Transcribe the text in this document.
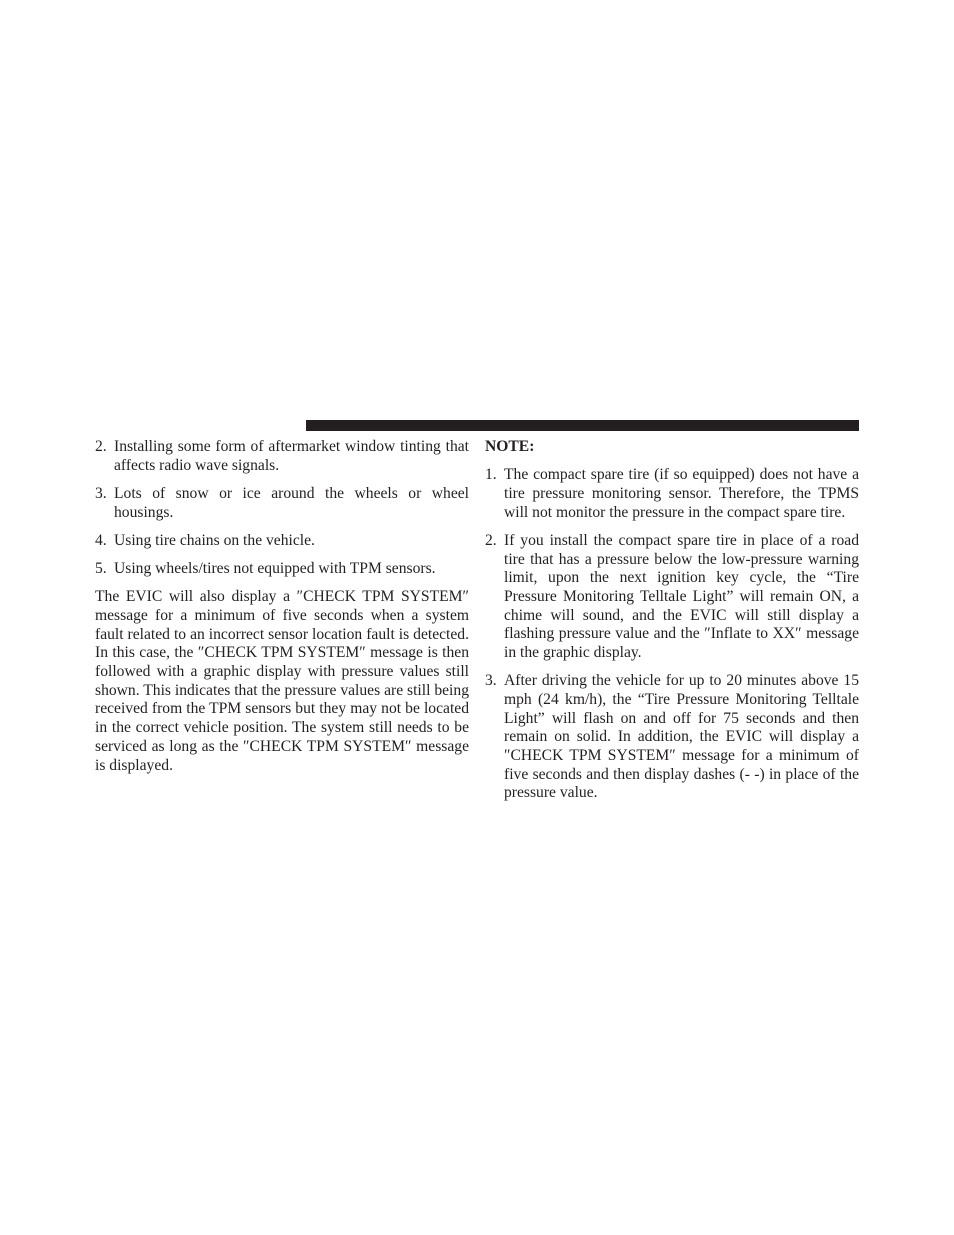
2. Installing some form of aftermarket window tinting that affects radio wave signals.
3. Lots of snow or ice around the wheels or wheel housings.
4. Using tire chains on the vehicle.
5. Using wheels/tires not equipped with TPM sensors.

The EVIC will also display a ″CHECK TPM SYSTEM″ message for a minimum of five seconds when a system fault related to an incorrect sensor location fault is detected. In this case, the ″CHECK TPM SYSTEM″ message is then followed with a graphic display with pressure values still shown. This indicates that the pressure values are still being received from the TPM sensors but they may not be located in the correct vehicle position. The system still needs to be serviced as long as the ″CHECK TPM SYSTEM″ message is displayed.

NOTE:
1. The compact spare tire (if so equipped) does not have a tire pressure monitoring sensor. Therefore, the TPMS will not monitor the pressure in the compact spare tire.
2. If you install the compact spare tire in place of a road tire that has a pressure below the low-pressure warning limit, upon the next ignition key cycle, the “Tire Pressure Monitoring Telltale Light” will remain ON, a chime will sound, and the EVIC will still display a flashing pressure value and the ″Inflate to XX″ message in the graphic display.
3. After driving the vehicle for up to 20 minutes above 15 mph (24 km/h), the “Tire Pressure Monitoring Telltale Light” will flash on and off for 75 seconds and then remain on solid. In addition, the EVIC will display a ″CHECK TPM SYSTEM″ message for a minimum of five seconds and then display dashes (- -) in place of the pressure value.
